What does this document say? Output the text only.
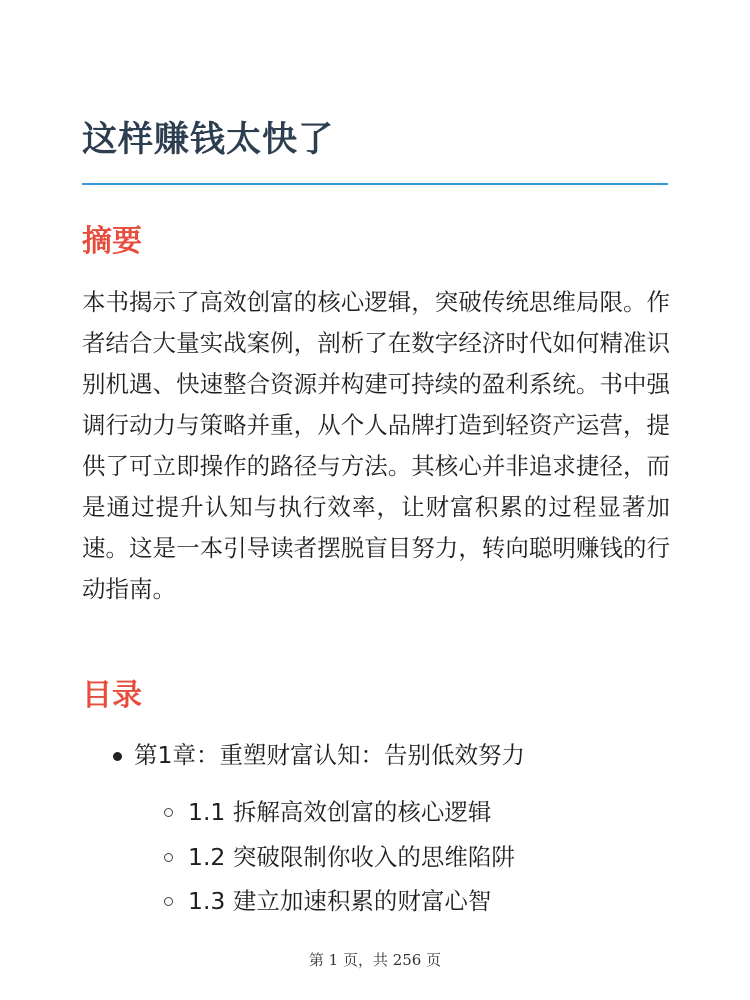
这样赚钱太快了
摘要

本书揭示了高效创富的核心逻辑，突破传统思维局限。作者结合大量实战案例，剖析了在数字经济时代如何精准识别机遇、快速整合资源并构建可持续的盈利系统。书中强调行动力与策略并重，从个人品牌打造到轻资产运营，提供了可立即操作的路径与方法。其核心并非追求捷径，而是通过提升认知与执行效率，让财富积累的过程显著加速。这是一本引导读者摆脱盲目努力，转向聪明赚钱的行动指南。

目录
第1章：重塑财富认知：告别低效努力
1.1 拆解高效创富的核心逻辑
1.2 突破限制你收入的思维陷阱
1.3 建立加速积累的财富心智
第 1 页，共 256 页
